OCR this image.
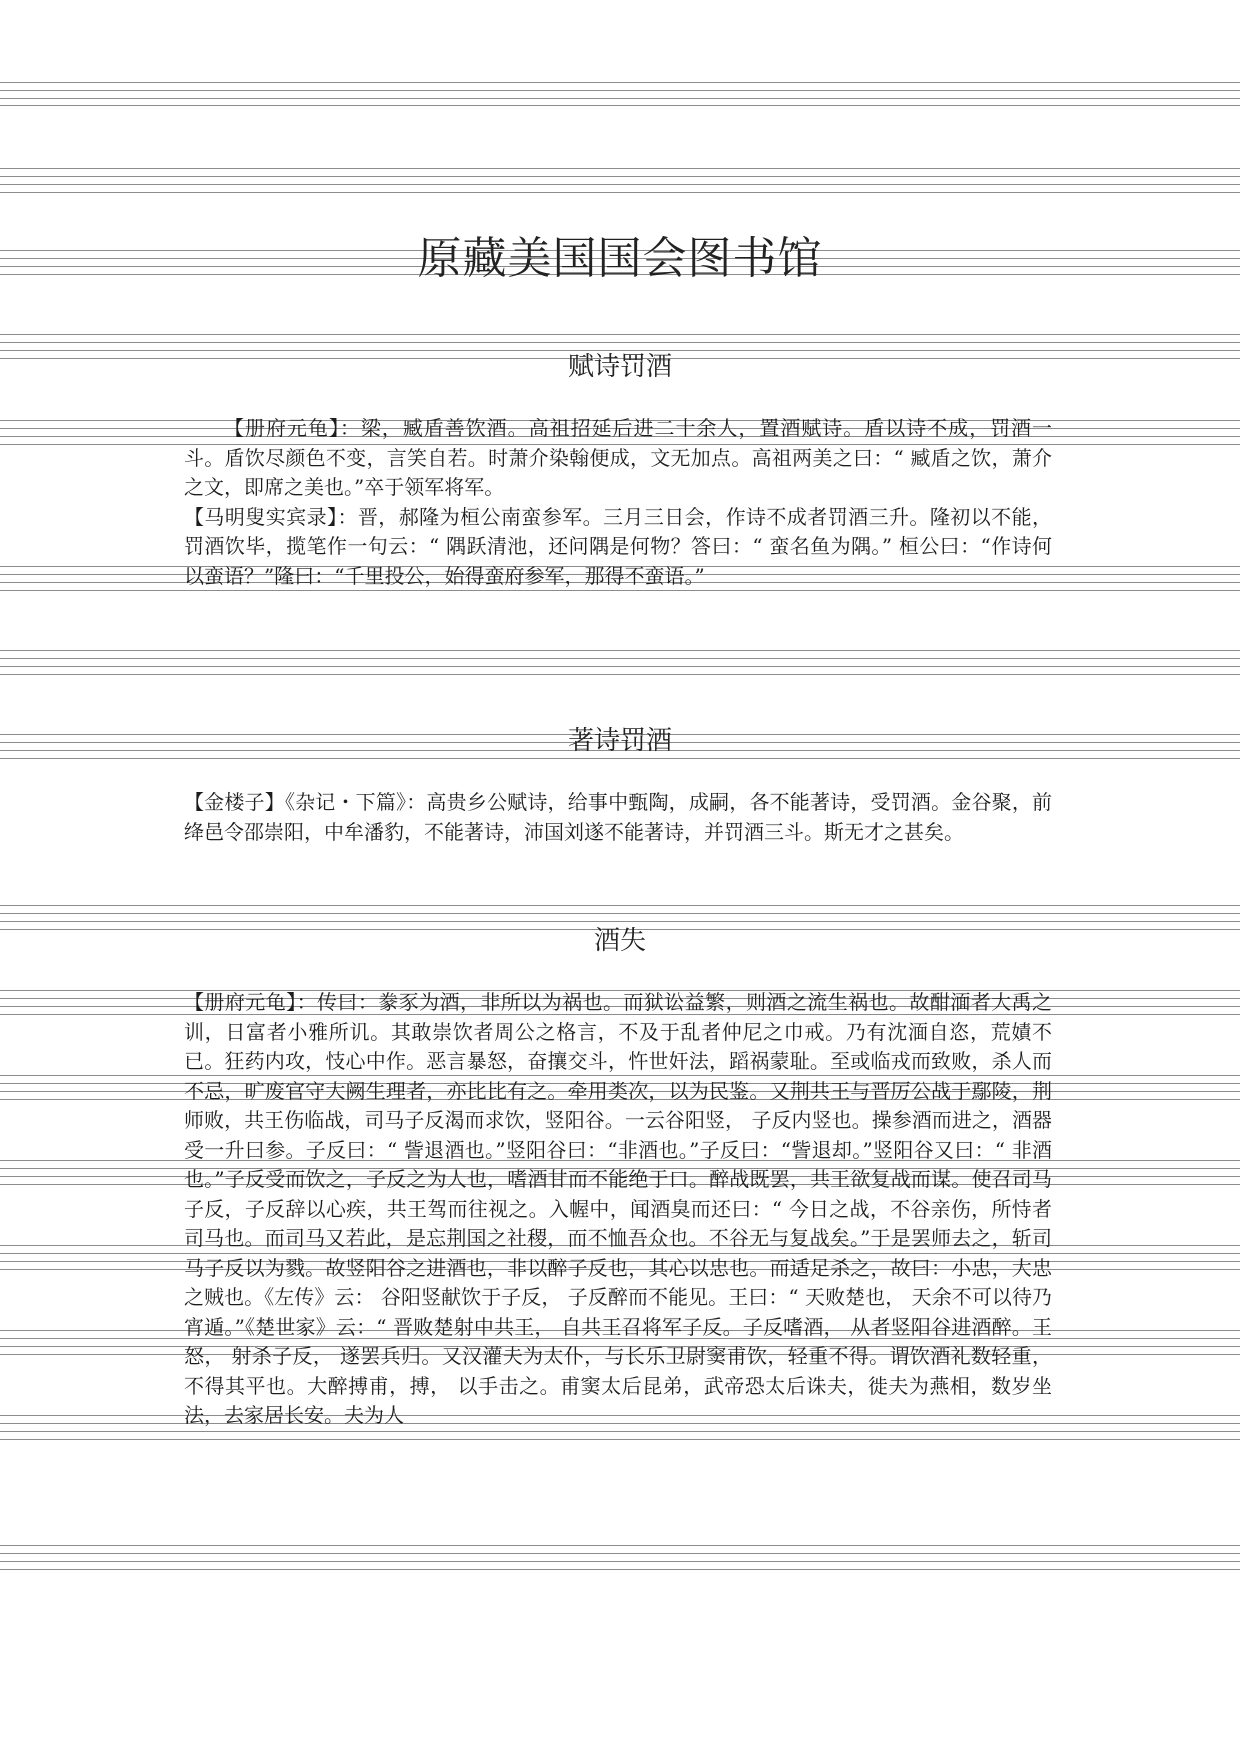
原藏美国国会图书馆
赋诗罚酒

【册府元龟】：梁，臧盾善饮酒。高祖招延后进二十余人，置酒赋诗。盾以诗不成，罚酒一斗。盾饮尽颜色不变，言笑自若。时萧介染翰便成，文无加点。高祖两美之曰：“ 臧盾之饮，萧介之文，即席之美也。”卒于领军将军。

【马明叟实宾录】：晋，郝隆为桓公南蛮参军。三月三日会，作诗不成者罚酒三升。隆初以不能，罚酒饮毕，揽笔作一句云：“ 隅跃清池，还问隅是何物？答曰：“ 蛮名鱼为隅。” 桓公曰：“作诗何以蛮语？”隆曰：“千里投公，始得蛮府参军，那得不蛮语。”

著诗罚酒

【金楼子】《杂记・下篇》：高贵乡公赋诗，给事中甄陶，成嗣，各不能著诗，受罚酒。金谷聚，前绛邑令邵崇阳，中牟潘豹，不能著诗，沛国刘遂不能著诗，并罚酒三斗。斯无才之甚矣。

酒失

【册府元龟】：传曰：豢豕为酒，非所以为祸也。而狱讼益繁，则酒之流生祸也。故酣湎者大禹之训，日富者小雅所讥。其敢崇饮者周公之格言，不及于乱者仲尼之巾戒。乃有沈湎自恣，荒嫧不已。狂药内攻，忮心中作。恶言暴怒，奋攘交斗，忤世奸法，蹈祸蒙耻。至或临戎而致败，杀人而不忌，旷废官守大阙生理者，亦比比有之。牵用类次，以为民鉴。又荆共王与晋厉公战于鄢陵，荆师败，共王伤临战，司马子反渴而求饮，竖阳谷。一云谷阳竖， 子反内竖也。操参酒而进之，酒器受一升曰参。子反曰：“ 訾退酒也。”竖阳谷曰：“非酒也。”子反曰：“訾退却。”竖阳谷又曰：“ 非酒也。”子反受而饮之，子反之为人也，嗜酒甘而不能绝于口。醉战既罢，共王欲复战而谋。使召司马子反，子反辞以心疾，共王驾而往视之。入幄中，闻酒臭而还曰：“ 今日之战，不谷亲伤，所恃者司马也。而司马又若此，是忘荆国之社稷，而不恤吾众也。不谷无与复战矣。”于是罢师去之，斩司马子反以为戮。故竖阳谷之进酒也，非以醉子反也，其心以忠也。而适足杀之，故曰：小忠，大忠之贼也。《左传》云： 谷阳竖献饮于子反， 子反醉而不能见。王曰：“ 天败楚也， 天余不可以待乃宵遁。”《楚世家》云：“ 晋败楚射中共王， 自共王召将军子反。子反嗜酒， 从者竖阳谷进酒醉。王怒， 射杀子反， 遂罢兵归。又汉灌夫为太仆，与长乐卫尉窦甫饮，轻重不得。谓饮酒礼数轻重， 不得其平也。大醉搏甫，搏， 以手击之。甫窦太后昆弟，武帝恐太后诛夫，徙夫为燕相，数岁坐法，去家居长安。夫为人
